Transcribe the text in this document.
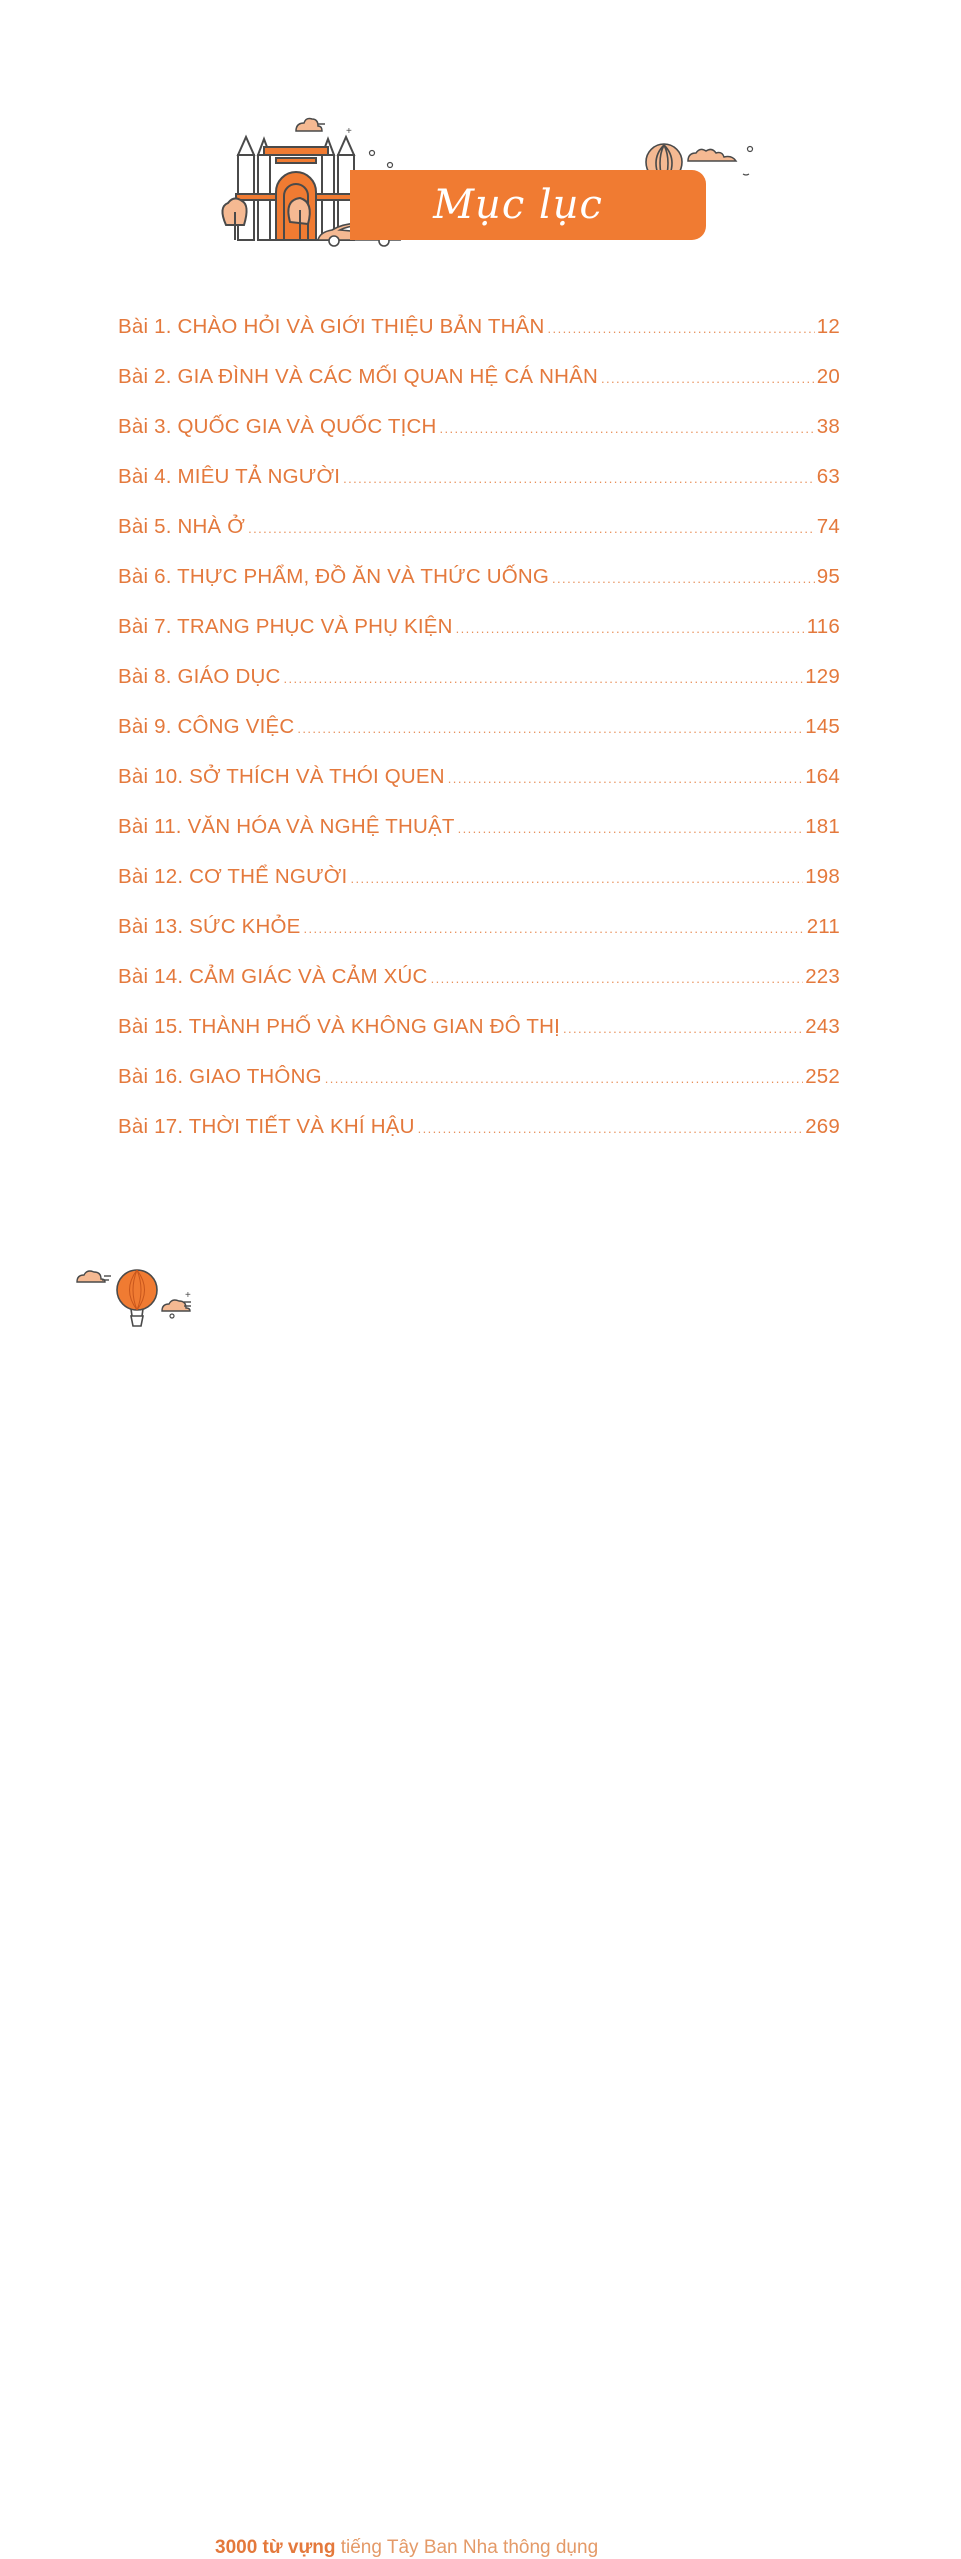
+
Mục lục
Bài 1. CHÀO HỎI VÀ GIỚI THIỆU BẢN THÂN .....	12
Bài 2. GIA ĐÌNH VÀ CÁC MỐI QUAN HỆ CÁ NHÂN .....	20
Bài 3. QUỐC GIA VÀ QUỐC TỊCH .....	38
Bài 4. MIÊU TẢ NGƯỜI .....	63
Bài 5. NHÀ Ở .....	74
Bài 6. THỰC PHẨM, ĐỒ ĂN VÀ THỨC UỐNG .....	95
Bài 7. TRANG PHỤC VÀ PHỤ KIỆN .....	116
Bài 8. GIÁO DỤC .....	129
Bài 9. CÔNG VIỆC .....	145
Bài 10. SỞ THÍCH VÀ THÓI QUEN .....	164
Bài 11. VĂN HÓA VÀ NGHỆ THUẬT .....	181
Bài 12. CƠ THỂ NGƯỜI .....	198
Bài 13. SỨC KHỎE .....	211
Bài 14. CẢM GIÁC VÀ CẢM XÚC .....	223
Bài 15. THÀNH PHỐ VÀ KHÔNG GIAN ĐÔ THỊ .....	243
Bài 16. GIAO THÔNG .....	252
Bài 17. THỜI TIẾT VÀ KHÍ HẬU .....	269
+
10	3000 từ vựng tiếng Tây Ban Nha thông dụng
